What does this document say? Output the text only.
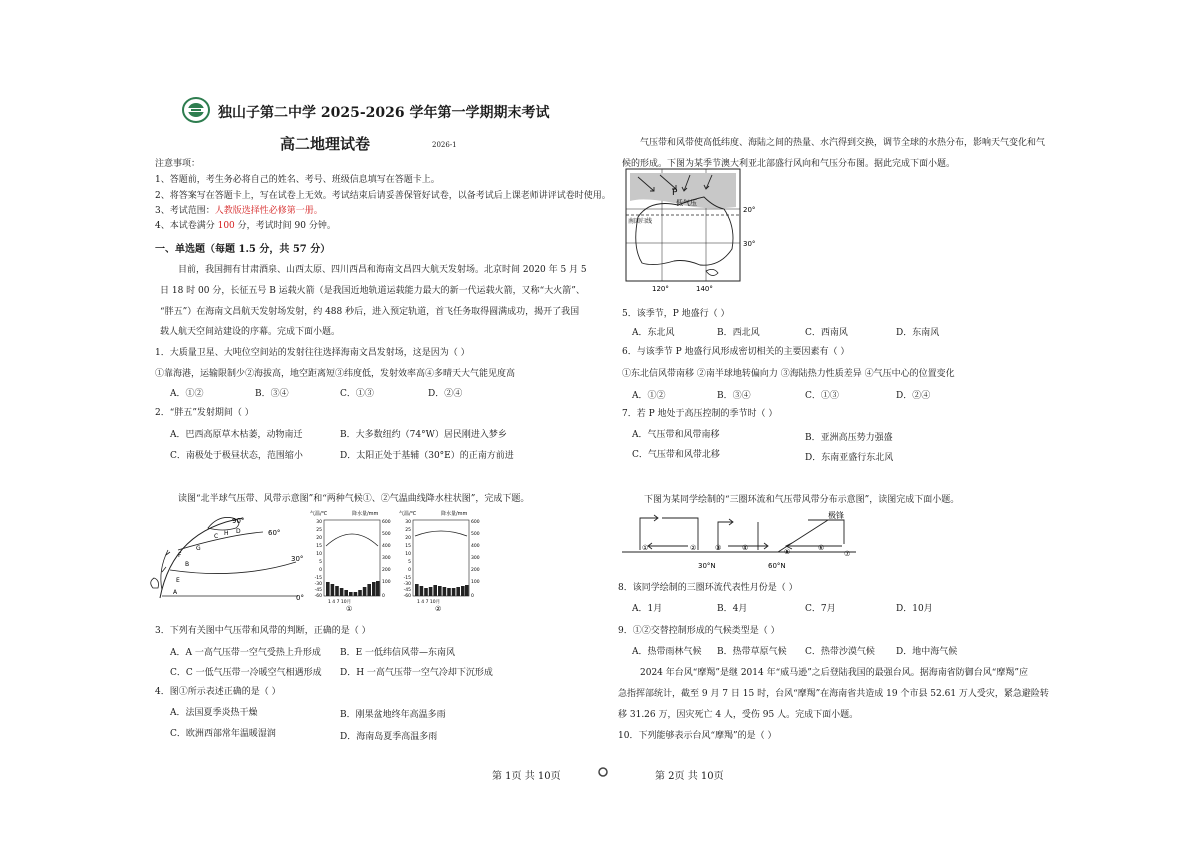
独山子第二中学 2025-2026 学年第一学期期末考试
高二地理试卷	2026-1
注意事项：
1、答题前，考生务必将自己的姓名、考号、班级信息填写在答题卡上。
2、将答案写在答题卡上，写在试卷上无效。考试结束后请妥善保管好试卷，以备考试后上课老师讲评试卷时使用。
3、考试范围：人教版选择性必修第一册。
4、本试卷满分 100 分，考试时间 90 分钟。
一、单选题（每题 1.5 分，共 57 分）
目前，我国拥有甘肃酒泉、山西太原、四川西昌和海南文昌四大航天发射场。北京时间 2020 年 5 月 5
日 18 时 00 分，长征五号 B 运载火箭（是我国近地轨道运载能力最大的新一代运载火箭，又称“大火箭”、
“胖五”）在海南文昌航天发射场发射，约 488 秒后，进入预定轨道，首飞任务取得圆满成功，揭开了我国
载人航天空间站建设的序幕。完成下面小题。
1．大质量卫星、大吨位空间站的发射往往选择海南文昌发射场，这是因为（ ）
①靠海港，运输限制少②海拔高，地空距离短③纬度低，发射效率高④多晴天大气能见度高
A．①②	B．③④	C．①③	D．②④
2．“胖五”发射期间（ ）
A．巴西高原草木枯萎，动物南迁	B．大多数纽约（74°W）居民刚进入梦乡
C．南极处于极昼状态，范围缩小	D．太阳正处于基辅（30°E）的正南方前进
读图“北半球气压带、风带示意图”和“两种气候①、②气温曲线降水柱状图”，完成下题。
90°
60°
30°
0°
D
H
C
G
F
B
E
A
气温/℃	降水量/mm
30
25
20
15
10
5
0
-15
-30
-45
-60
600
500
400
300
200
100
0
1 4 7 10月
①
气温/℃	降水量/mm
30
25
20
15
10
5
0
-15
-30
-45
-60
600
500
400
300
200
100
0
1 4 7 10月
②
3．下列有关图中气压带和风带的判断，正确的是（ ）
A．A 一高气压带一空气受热上升形成 B．E 一低纬信风带—东南风
C．C 一低气压带一冷暖空气相遇形成 D．H 一高气压带一空气冷却下沉形成
4．图①所示表述正确的是（ ）
A．法国夏季炎热干燥	B．刚果盆地终年高温多雨
C．欧洲西部常年温暖湿润	D．海南岛夏季高温多雨
第 1页 共 10页
气压带和风带使高低纬度、海陆之间的热量、水汽得到交换，调节全球的水热分布，影响天气变化和气
候的形成。下图为某季节澳大利亚北部盛行风向和气压分布图。据此完成下面小题。
P
低气压
南回归线
20°
30°
120°	140°
5．该季节，P 地盛行（ ）
A．东北风	B．西北风	C．西南风	D．东南风
6．与该季节 P 地盛行风形成密切相关的主要因素有（ ）
①东北信风带南移 ②南半球地转偏向力 ③海陆热力性质差异 ④气压中心的位置变化
A．①②	B．③④	C．①③	D．②④
7．若 P 地处于高压控制的季节时（ ）
A．气压带和风带南移	B．亚洲高压势力强盛
C．气压带和风带北移	D．东南亚盛行东北风
下图为某同学绘制的“三圈环流和气压带风带分布示意图”，读图完成下面小题。
极锋
30°N	60°N
①	②	③	④	⑤	⑥
⑦
8．该同学绘制的三圈环流代表性月份是（ ）
A．1月	B．4月	C．7月	D．10月
9．①②交替控制形成的气候类型是（ ）
A．热带雨林气候 B．热带草原气候 C．热带沙漠气候 D．地中海气候
2024 年台风“摩羯”是继 2014 年“威马逊”之后登陆我国的最强台风。据海南省防御台风“摩羯”应
急指挥部统计，截至 9 月 7 日 15 时，台风“摩羯”在海南省共造成 19 个市县 52.61 万人受灾，紧急避险转
移 31.26 万，因灾死亡 4 人，受伤 95 人。完成下面小题。
10．下列能够表示台风“摩羯”的是（ ）
第 2页 共 10页
